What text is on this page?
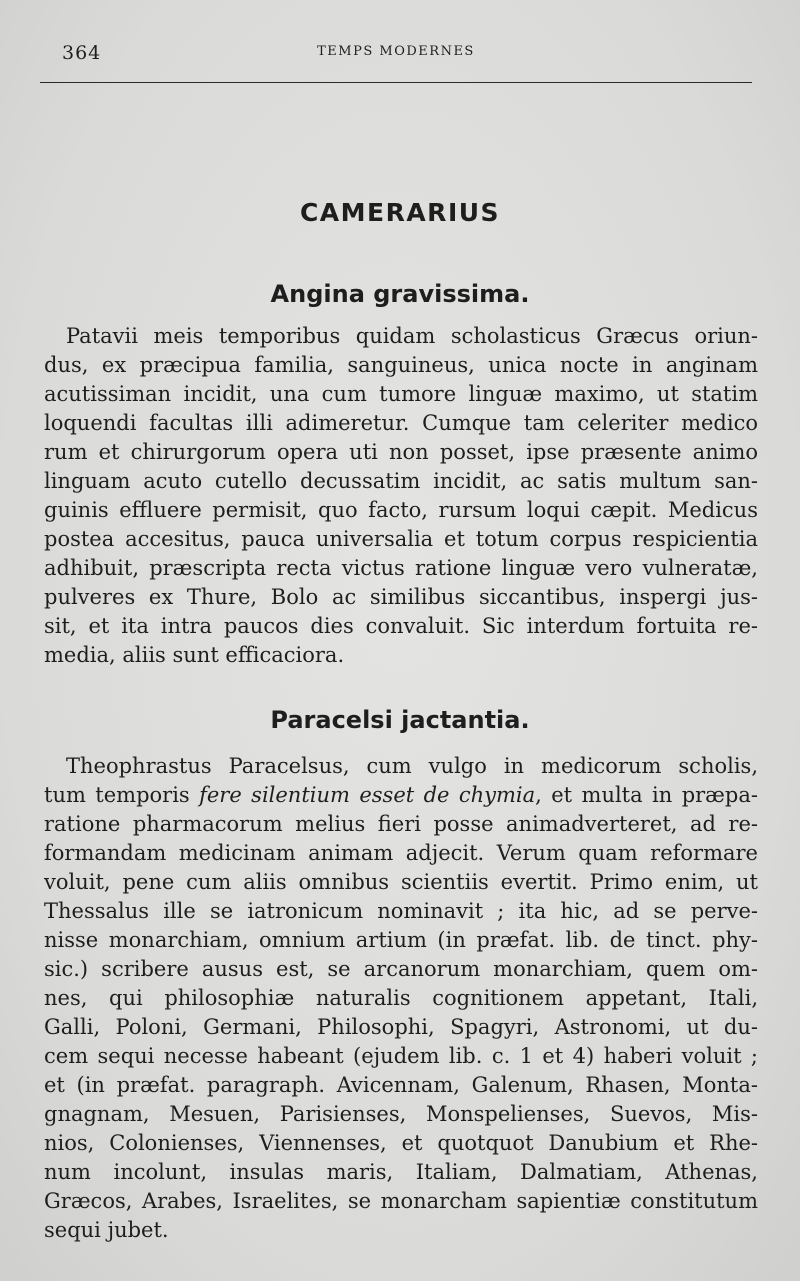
364	TEMPS MODERNES
CAMERARIUS
Angina gravissima.
Patavii meis temporibus quidam scholasticus Græcus oriun-
dus, ex præcipua familia, sanguineus, unica nocte in anginam
acutissiman incidit, una cum tumore linguæ maximo, ut statim
loquendi facultas illi adimeretur. Cumque tam celeriter medico
rum et chirurgorum opera uti non posset, ipse præsente animo
linguam acuto cutello decussatim incidit, ac satis multum san-
guinis effluere permisit, quo facto, rursum loqui cæpit. Medicus
postea accesitus, pauca universalia et totum corpus respicientia
adhibuit, præscripta recta victus ratione linguæ vero vulneratæ,
pulveres ex Thure, Bolo ac similibus siccantibus, inspergi jus-
sit, et ita intra paucos dies convaluit. Sic interdum fortuita re-
media, aliis sunt efficaciora.
Paracelsi jactantia.
Theophrastus Paracelsus, cum vulgo in medicorum scholis,
tum temporis fere silentium esset de chymia, et multa in præpa-
ratione pharmacorum melius fieri posse animadverteret, ad re-
formandam medicinam animam adjecit. Verum quam reformare
voluit, pene cum aliis omnibus scientiis evertit. Primo enim, ut
Thessalus ille se iatronicum nominavit ; ita hic, ad se perve-
nisse monarchiam, omnium artium (in præfat. lib. de tinct. phy-
sic.) scribere ausus est, se arcanorum monarchiam, quem om-
nes, qui philosophiæ naturalis cognitionem appetant, Itali,
Galli, Poloni, Germani, Philosophi, Spagyri, Astronomi, ut du-
cem sequi necesse habeant (ejudem lib. c. 1 et 4) haberi voluit ;
et (in præfat. paragraph. Avicennam, Galenum, Rhasen, Monta-
gnagnam, Mesuen, Parisienses, Monspelienses, Suevos, Mis-
nios, Colonienses, Viennenses, et quotquot Danubium et Rhe-
num incolunt, insulas maris, Italiam, Dalmatiam, Athenas,
Græcos, Arabes, Israelites, se monarcham sapientiæ constitutum
sequi jubet.
